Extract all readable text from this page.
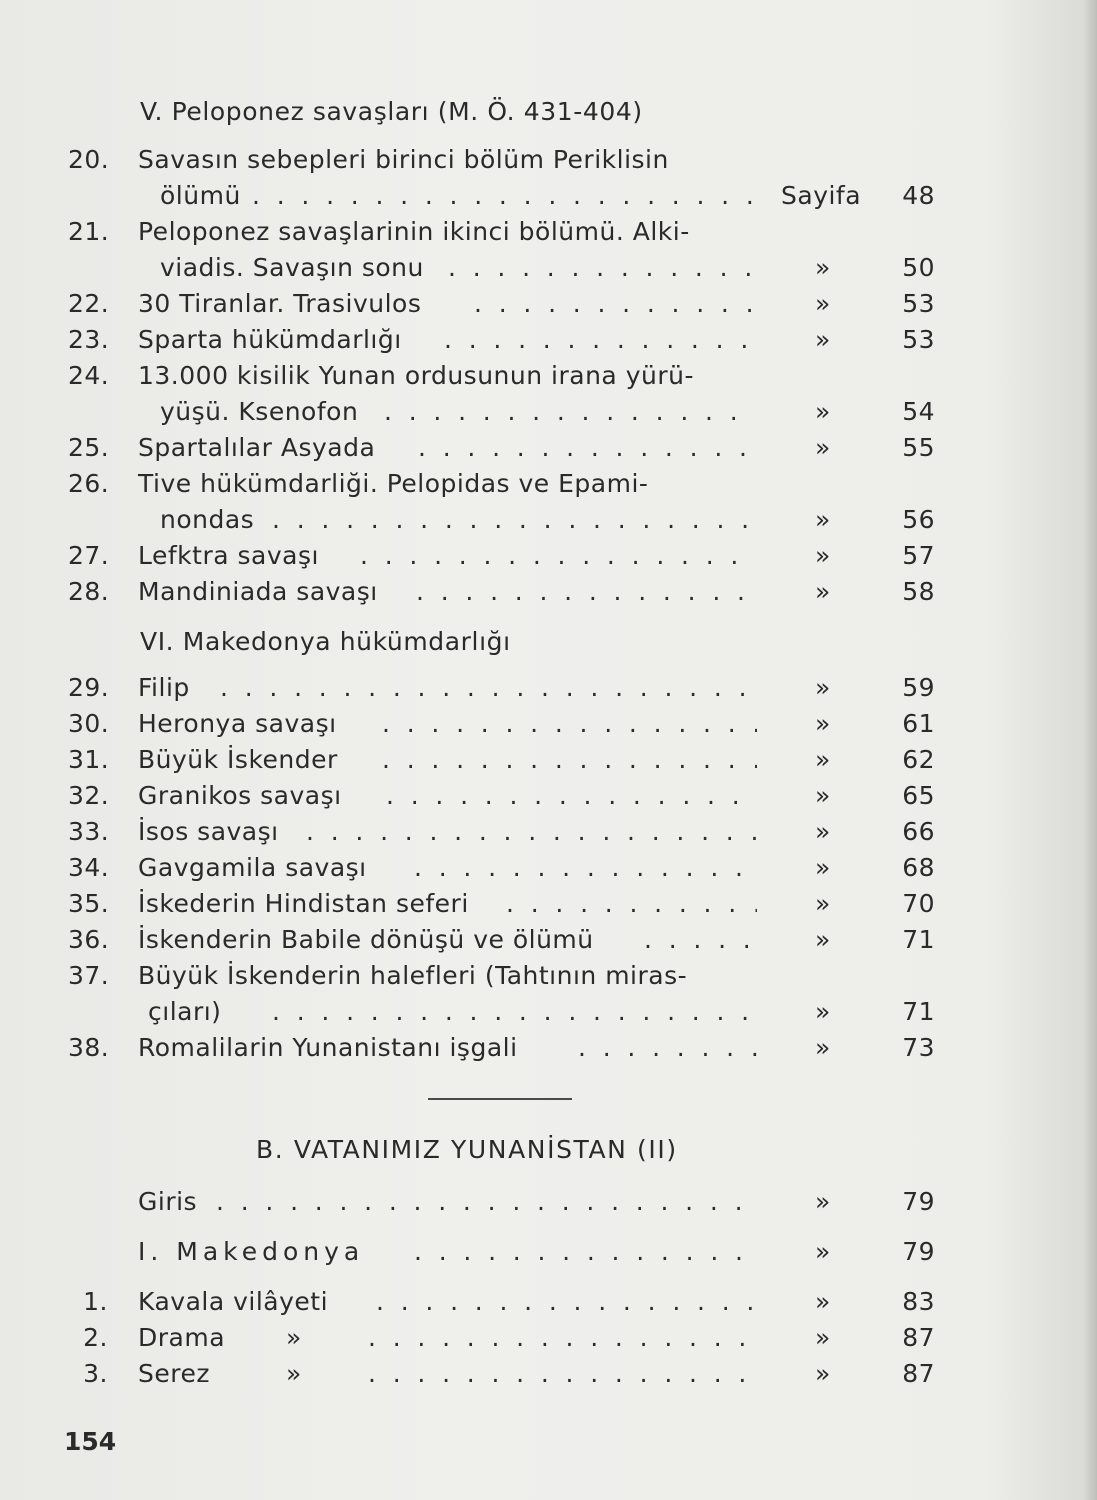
V. Peloponez savaşları (M. Ö. 431-404)
20.	Savasın sebepleri birinci bölüm Periklisin
ölümü . . .	Sayifa 48
21.	Peloponez savaşlarinin ikinci bölümü. Alki-
viadis. Savaşın sonu . . .	»	50
22.	30 Tiranlar. Trasivulos . . .	»	53
23.	Sparta hükümdarlığı . . .	»	53
24.	13.000 kisilik Yunan ordusunun irana yürü-
yüşü. Ksenofon . . .	»	54
25.	Spartalılar Asyada . . .	»	55
26.	Tive hükümdarliği. Pelopidas ve Epami-
nondas . . .	»	56
27.	Lefktra savaşı . . .	»	57
28.	Mandiniada savaşı . . .	»	58
VI. Makedonya hükümdarlığı
29.	Filip . . .	»	59
30.	Heronya savaşı . . .	»	61
31.	Büyük İskender . . .	»	62
32.	Granikos savaşı . . .	»	65
33.	İsos savaşı . . .	»	66
34.	Gavgamila savaşı . . .	»	68
35.	İskederin Hindistan seferi . . .	»	70
36.	İskenderin Babile dönüşü ve ölümü . . .	»	71
37.	Büyük İskenderin halefleri (Tahtının miras-
çıları) . . .	»	71
38.	Romalilarin Yunanistanı işgali . . .	»	73
B. VATANIMIZ YUNANİSTAN (II)
Giris . . .	»	79
I. Makedonya . . .	»	79
1. Kavala vilâyeti . . .	»	83
2. Drama » . . .	»	87
3. Serez	» . . .	»	87
154
